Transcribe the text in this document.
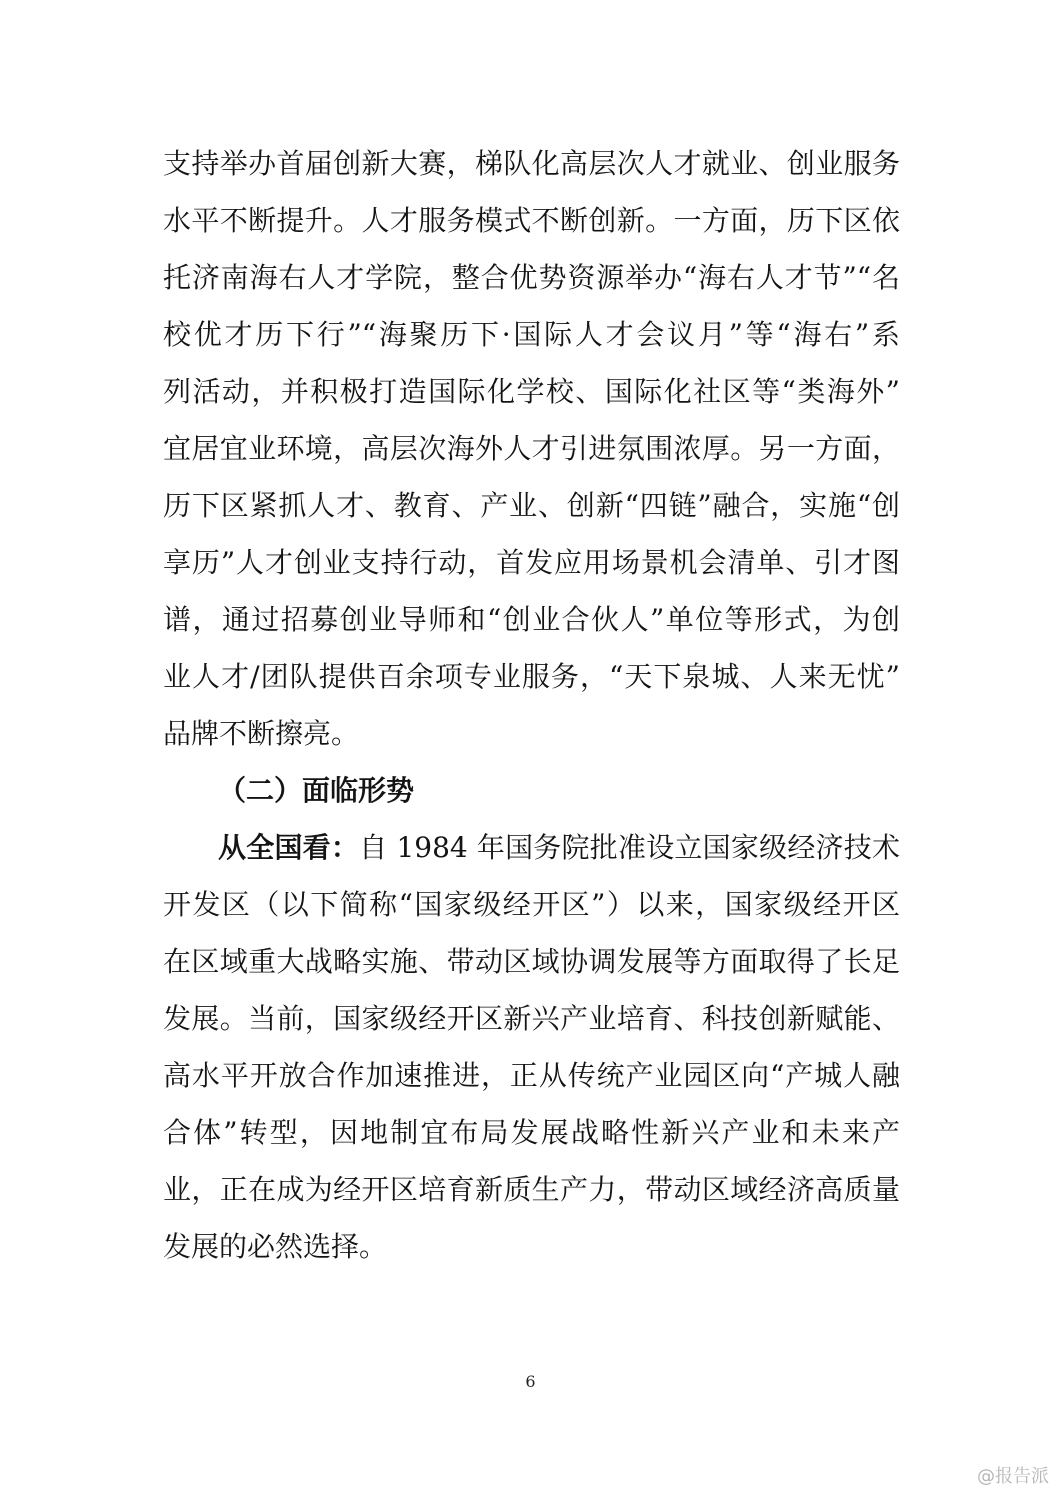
支持举办首届创新大赛，梯队化高层次人才就业、创业服务
水平不断提升。人才服务模式不断创新。一方面，历下区依
托济南海右人才学院，整合优势资源举办“海右人才节”“名
校优才历下行”“海聚历下·国际人才会议月”等“海右”系
列活动，并积极打造国际化学校、国际化社区等“类海外”
宜居宜业环境，高层次海外人才引进氛围浓厚。另一方面，
历下区紧抓人才、教育、产业、创新“四链”融合，实施“创
享历”人才创业支持行动，首发应用场景机会清单、引才图
谱，通过招募创业导师和“创业合伙人”单位等形式，为创
业人才/团队提供百余项专业服务，“天下泉城、人来无忧”
品牌不断擦亮。
（二）面临形势
从全国看：自 1984 年国务院批准设立国家级经济技术
开发区（以下简称“国家级经开区”）以来，国家级经开区
在区域重大战略实施、带动区域协调发展等方面取得了长足
发展。当前，国家级经开区新兴产业培育、科技创新赋能、
高水平开放合作加速推进，正从传统产业园区向“产城人融
合体”转型，因地制宜布局发展战略性新兴产业和未来产
业，正在成为经开区培育新质生产力，带动区域经济高质量
发展的必然选择。
6
@报告派
